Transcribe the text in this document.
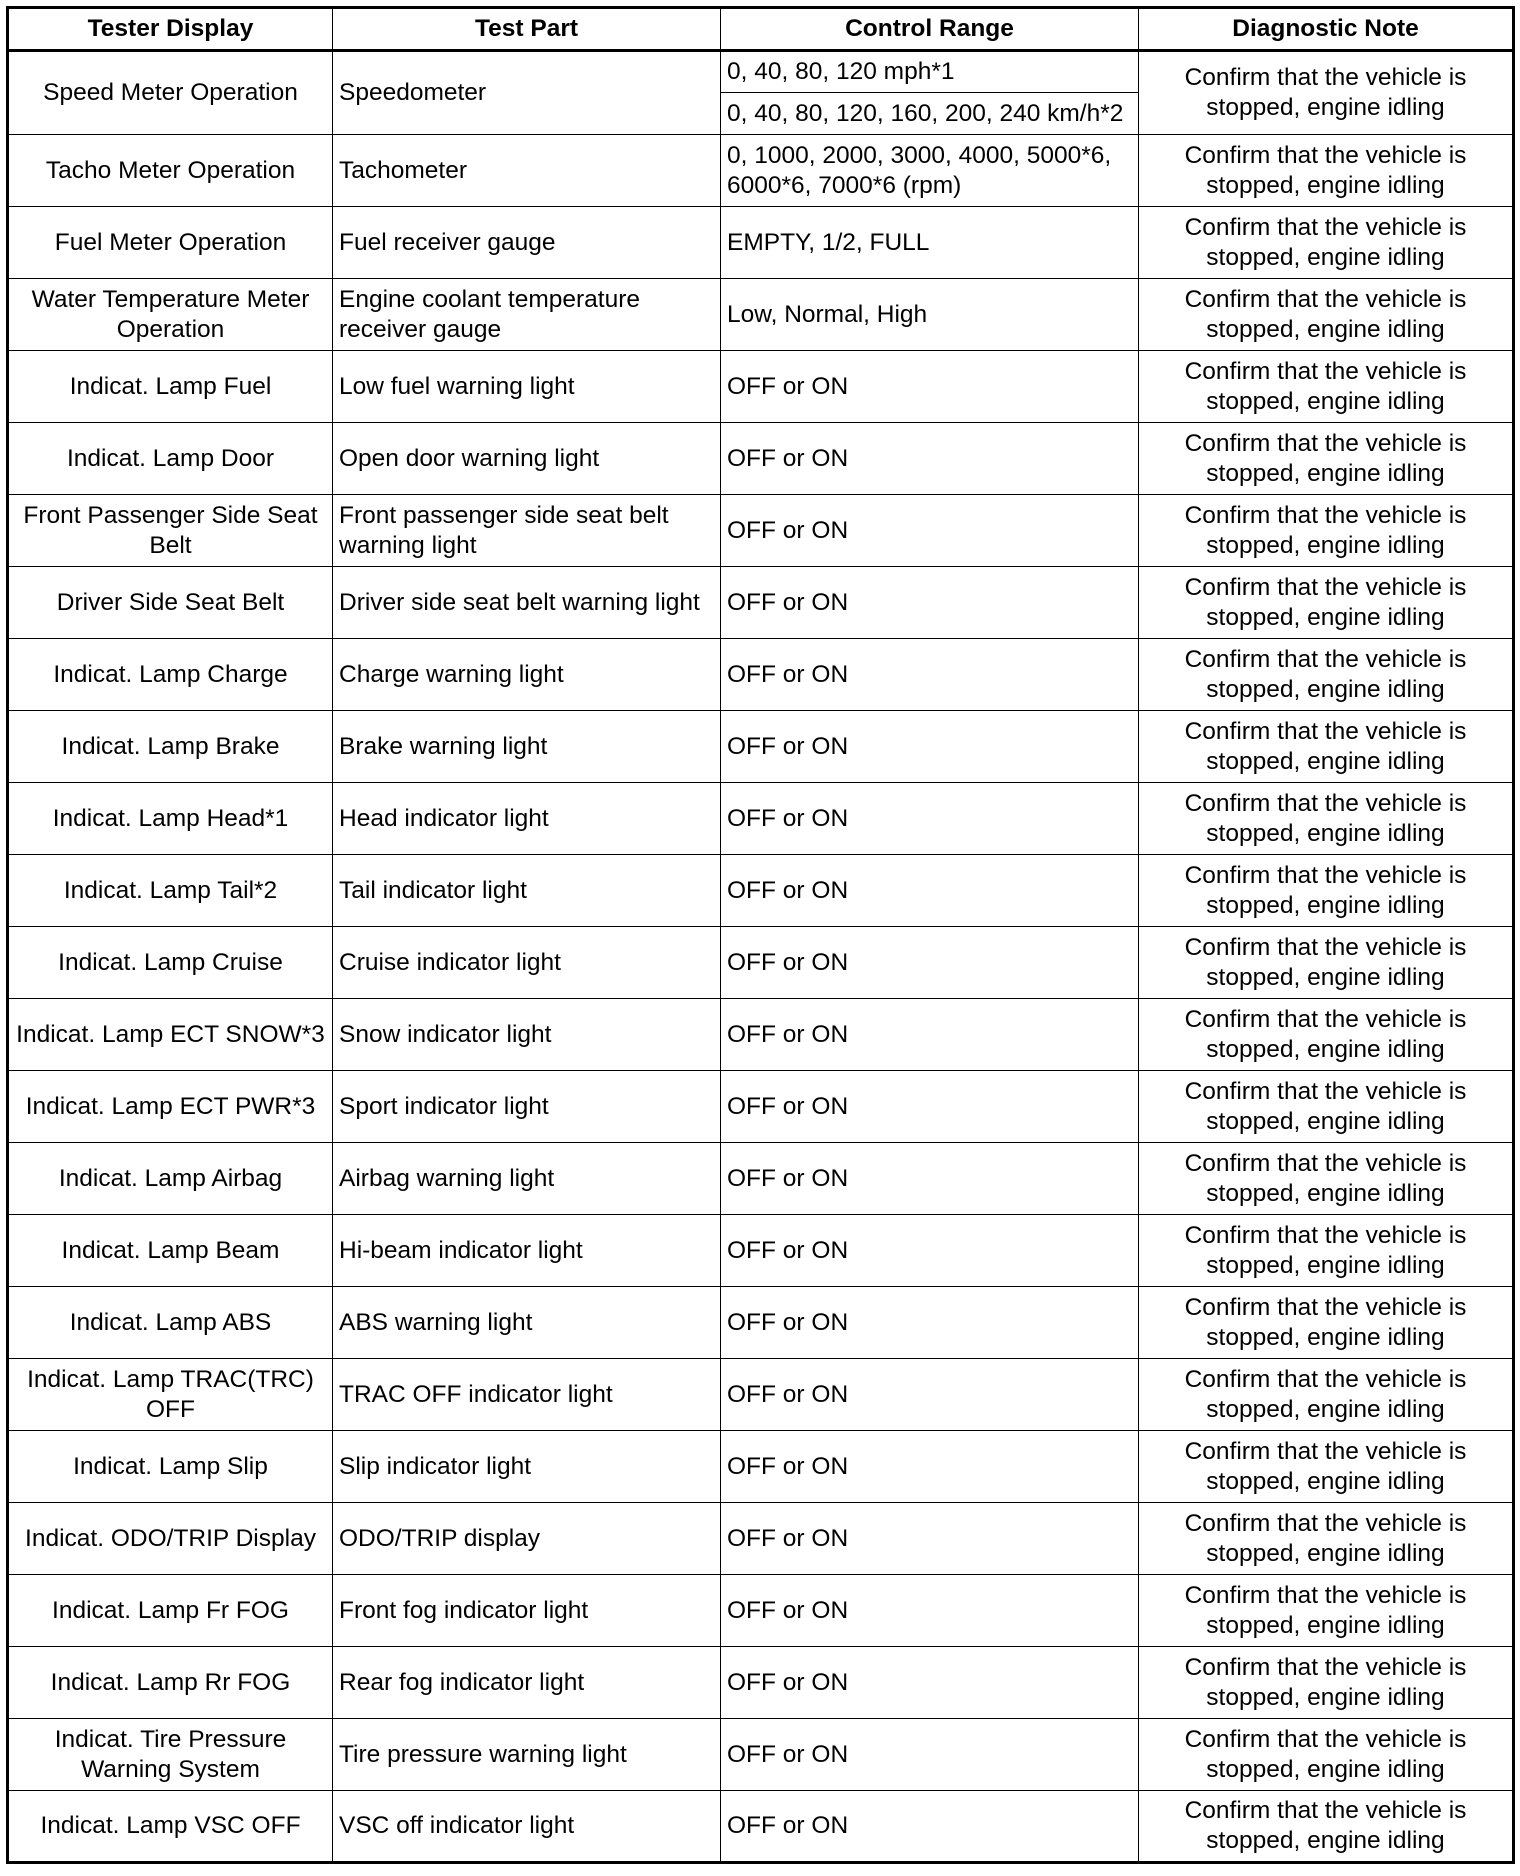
Tester Display	Test Part	Control Range	Diagnostic Note
Speed Meter Operation	Speedometer	0, 40, 80, 120 mph*1	Confirm that the vehicle is stopped, engine idling
		0, 40, 80, 120, 160, 200, 240 km/h*2	
Tacho Meter Operation	Tachometer	0, 1000, 2000, 3000, 4000, 5000*6, 6000*6, 7000*6 (rpm)	Confirm that the vehicle is stopped, engine idling
Fuel Meter Operation	Fuel receiver gauge	EMPTY, 1/2, FULL	Confirm that the vehicle is stopped, engine idling
Water Temperature Meter Operation	Engine coolant temperature receiver gauge	Low, Normal, High	Confirm that the vehicle is stopped, engine idling
Indicat. Lamp Fuel	Low fuel warning light	OFF or ON	Confirm that the vehicle is stopped, engine idling
Indicat. Lamp Door	Open door warning light	OFF or ON	Confirm that the vehicle is stopped, engine idling
Front Passenger Side Seat Belt	Front passenger side seat belt warning light	OFF or ON	Confirm that the vehicle is stopped, engine idling
Driver Side Seat Belt	Driver side seat belt warning light	OFF or ON	Confirm that the vehicle is stopped, engine idling
Indicat. Lamp Charge	Charge warning light	OFF or ON	Confirm that the vehicle is stopped, engine idling
Indicat. Lamp Brake	Brake warning light	OFF or ON	Confirm that the vehicle is stopped, engine idling
Indicat. Lamp Head*1	Head indicator light	OFF or ON	Confirm that the vehicle is stopped, engine idling
Indicat. Lamp Tail*2	Tail indicator light	OFF or ON	Confirm that the vehicle is stopped, engine idling
Indicat. Lamp Cruise	Cruise indicator light	OFF or ON	Confirm that the vehicle is stopped, engine idling
Indicat. Lamp ECT SNOW*3	Snow indicator light	OFF or ON	Confirm that the vehicle is stopped, engine idling
Indicat. Lamp ECT PWR*3	Sport indicator light	OFF or ON	Confirm that the vehicle is stopped, engine idling
Indicat. Lamp Airbag	Airbag warning light	OFF or ON	Confirm that the vehicle is stopped, engine idling
Indicat. Lamp Beam	Hi-beam indicator light	OFF or ON	Confirm that the vehicle is stopped, engine idling
Indicat. Lamp ABS	ABS warning light	OFF or ON	Confirm that the vehicle is stopped, engine idling
Indicat. Lamp TRAC(TRC) OFF	TRAC OFF indicator light	OFF or ON	Confirm that the vehicle is stopped, engine idling
Indicat. Lamp Slip	Slip indicator light	OFF or ON	Confirm that the vehicle is stopped, engine idling
Indicat. ODO/TRIP Display	ODO/TRIP display	OFF or ON	Confirm that the vehicle is stopped, engine idling
Indicat. Lamp Fr FOG	Front fog indicator light	OFF or ON	Confirm that the vehicle is stopped, engine idling
Indicat. Lamp Rr FOG	Rear fog indicator light	OFF or ON	Confirm that the vehicle is stopped, engine idling
Indicat. Tire Pressure Warning System	Tire pressure warning light	OFF or ON	Confirm that the vehicle is stopped, engine idling
Indicat. Lamp VSC OFF	VSC off indicator light	OFF or ON	Confirm that the vehicle is stopped, engine idling
